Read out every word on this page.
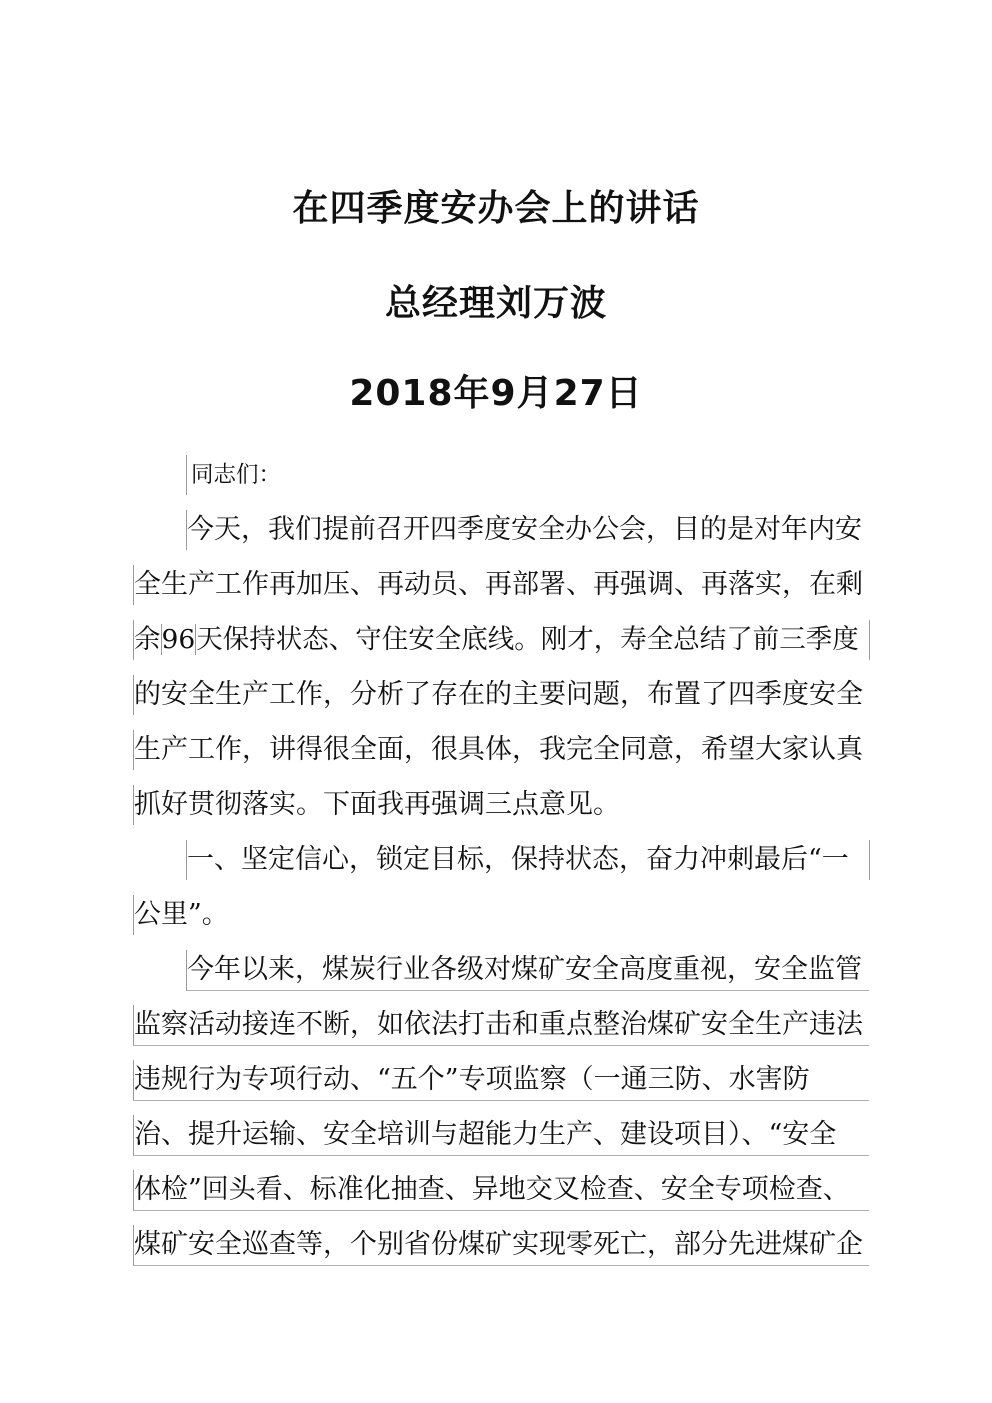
在四季度安办会上的讲话
总经理刘万波
2018年9月27日
同志们：
今天，我们提前召开四季度安全办公会，目的是对年内安
全生产工作再加压、再动员、再部署、再强调、再落实，在剩
余96天保持状态、守住安全底线。刚才，寿全总结了前三季度
的安全生产工作，分析了存在的主要问题，布置了四季度安全
生产工作，讲得很全面，很具体，我完全同意，希望大家认真
抓好贯彻落实。下面我再强调三点意见。
一、坚定信心，锁定目标，保持状态，奋力冲刺最后“一
公里”。
今年以来，煤炭行业各级对煤矿安全高度重视，安全监管
监察活动接连不断，如依法打击和重点整治煤矿安全生产违法
违规行为专项行动、“五个”专项监察（一通三防、水害防
治、提升运输、安全培训与超能力生产、建设项目）、“安全
体检”回头看、标准化抽查、异地交叉检查、安全专项检查、
煤矿安全巡查等，个别省份煤矿实现零死亡，部分先进煤矿企
